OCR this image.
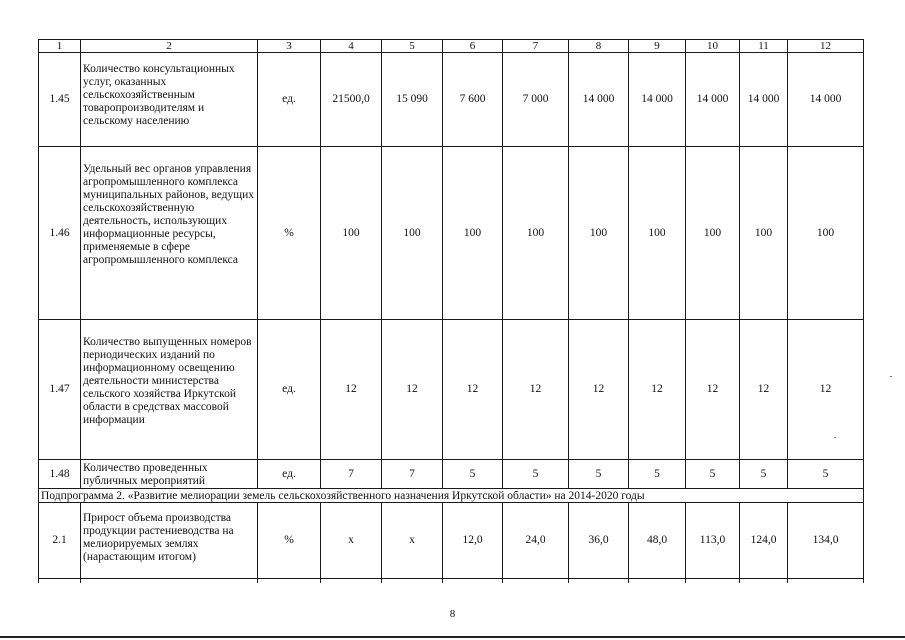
1	2	3	4	5	6	7	8	9	10	11	12
1.45	Количество консультационных услуг, оказанных сельскохозяйственным товаропроизводителям и сельскому населению	ед.	21500,0	15 090	7 600	7 000	14 000	14 000	14 000	14 000	14 000
1.46	Удельный вес органов управления агропромышленного комплекса муниципальных районов, ведущих сельскохозяйственную деятельность, использующих информационные ресурсы, применяемые в сфере агропромышленного комплекса	%	100	100	100	100	100	100	100	100	100
1.47	Количество выпущенных номеров периодических изданий по информационному освещению деятельности министерства сельского хозяйства Иркутской области в средствах массовой информации	ед.	12	12	12	12	12	12	12	12	12
1.48	Количество проведенных публичных мероприятий	ед.	7	7	5	5	5	5	5	5	5
Подпрограмма 2. «Развитие мелиорации земель сельскохозяйственного назначения Иркутской области» на 2014-2020 годы											
2.1	Прирост объема производства продукции растениеводства на мелиорируемых землях (нарастающим итогом)	%	х	х	12,0	24,0	36,0	48,0	113,0	124,0	134,0

8
